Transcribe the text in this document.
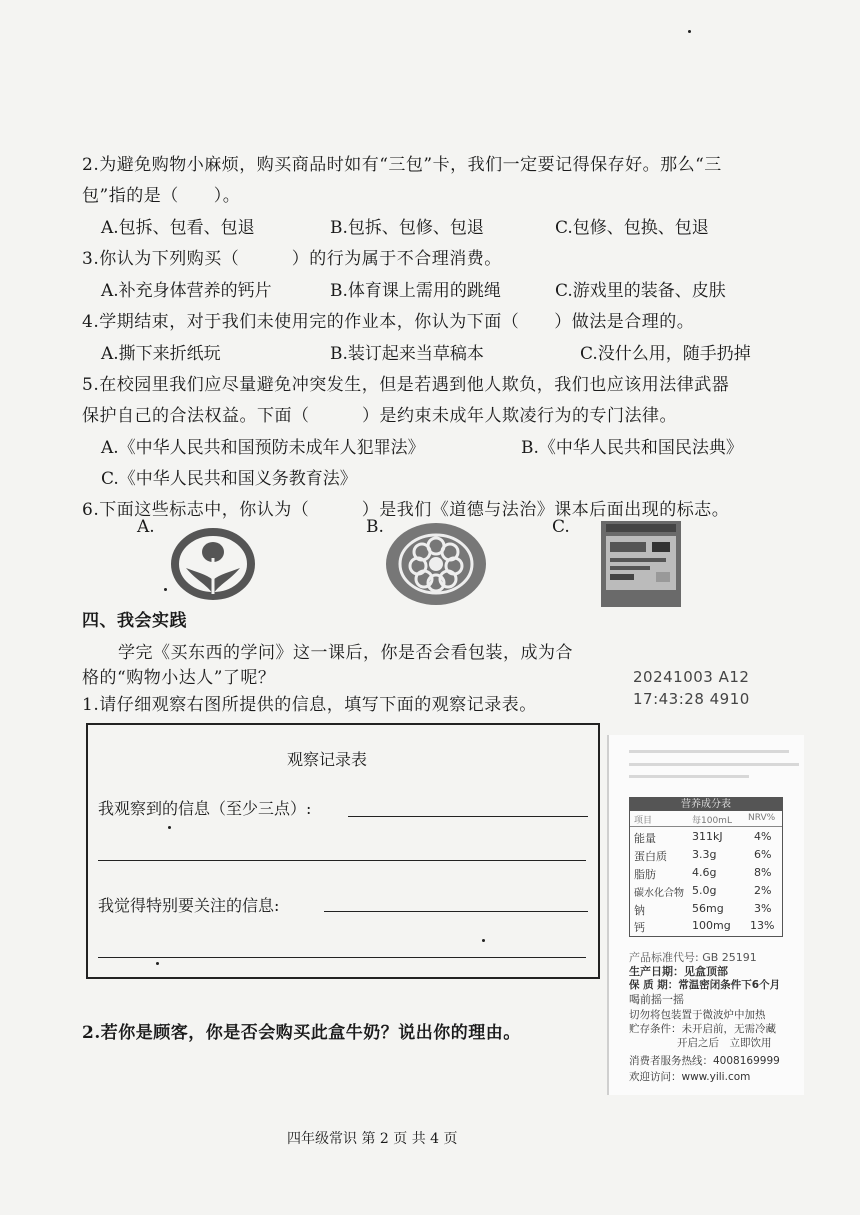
2.为避免购物小麻烦，购买商品时如有“三包”卡，我们一定要记得保存好。那么“三
包”指的是（　　）。
A.包拆、包看、包退	B.包拆、包修、包退	C.包修、包换、包退
3.你认为下列购买（　　　）的行为属于不合理消费。
A.补充身体营养的钙片	B.体育课上需用的跳绳	C.游戏里的装备、皮肤
4.学期结束，对于我们未使用完的作业本，你认为下面（　　）做法是合理的。
A.撕下来折纸玩	B.装订起来当草稿本	C.没什么用，随手扔掉
5.在校园里我们应尽量避免冲突发生，但是若遇到他人欺负，我们也应该用法律武器
保护自己的合法权益。下面（　　　）是约束未成年人欺凌行为的专门法律。
A.《中华人民共和国预防未成年人犯罪法》	B.《中华人民共和国民法典》
C.《中华人民共和国义务教育法》
6.下面这些标志中，你认为（　　　）是我们《道德与法治》课本后面出现的标志。
A.	B.	C.
四、我会实践
学完《买东西的学问》这一课后，你是否会看包装，成为合
格的“购物小达人”了呢？
1.请仔细观察右图所提供的信息，填写下面的观察记录表。
观察记录表
我观察到的信息（至少三点）:
我觉得特别要关注的信息:
2.若你是顾客，你是否会购买此盒牛奶？说出你的理由。
20241003 A12
17:43:28 4910
营养成分表
项目	每100mL NRV%
能量	311kJ	4%
蛋白质 3.3g	6%
脂肪	4.6g	8%
碳水化合物 5.0g	2%
钠	56mg	3%
钙	100mg 13%
产品标准代号: GB 25191
生产日期：见盒顶部
保 质 期：常温密闭条件下6个月
喝前摇一摇
切勿将包装置于微波炉中加热
贮存条件：未开启前，无需冷藏
开启之后　立即饮用
消费者服务热线：4008169999
欢迎访问：www.yili.com
四年级常识 第 2 页 共 4 页
